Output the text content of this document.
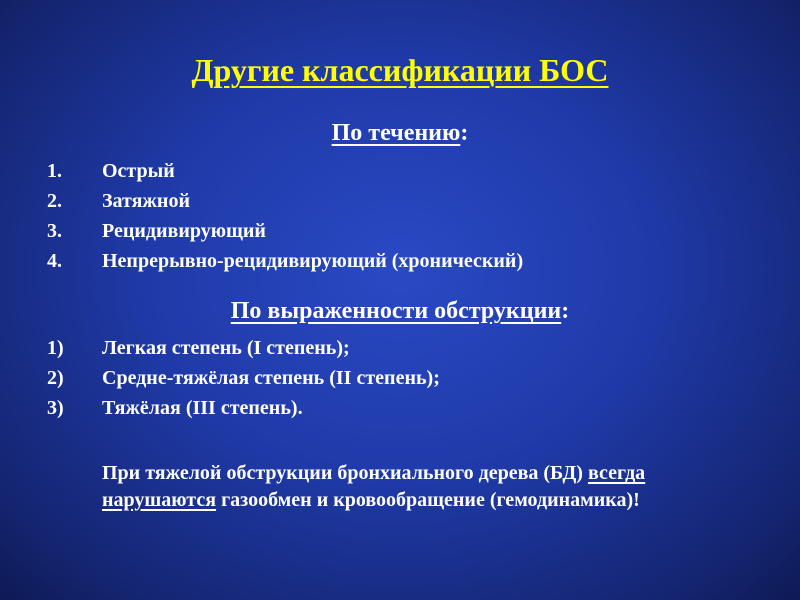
Другие классификации БОС
По течению:
1. Острый
2. Затяжной
3. Рецидивирующий
4. Непрерывно-рецидивирующий (хронический)
По выраженности обструкции:
1) Легкая степень (I степень);
2) Средне-тяжёлая степень (II степень);
3) Тяжёлая (III степень).
При тяжелой обструкции бронхиального дерева (БД) всегда нарушаются газообмен и кровообращение (гемодинамика)!
